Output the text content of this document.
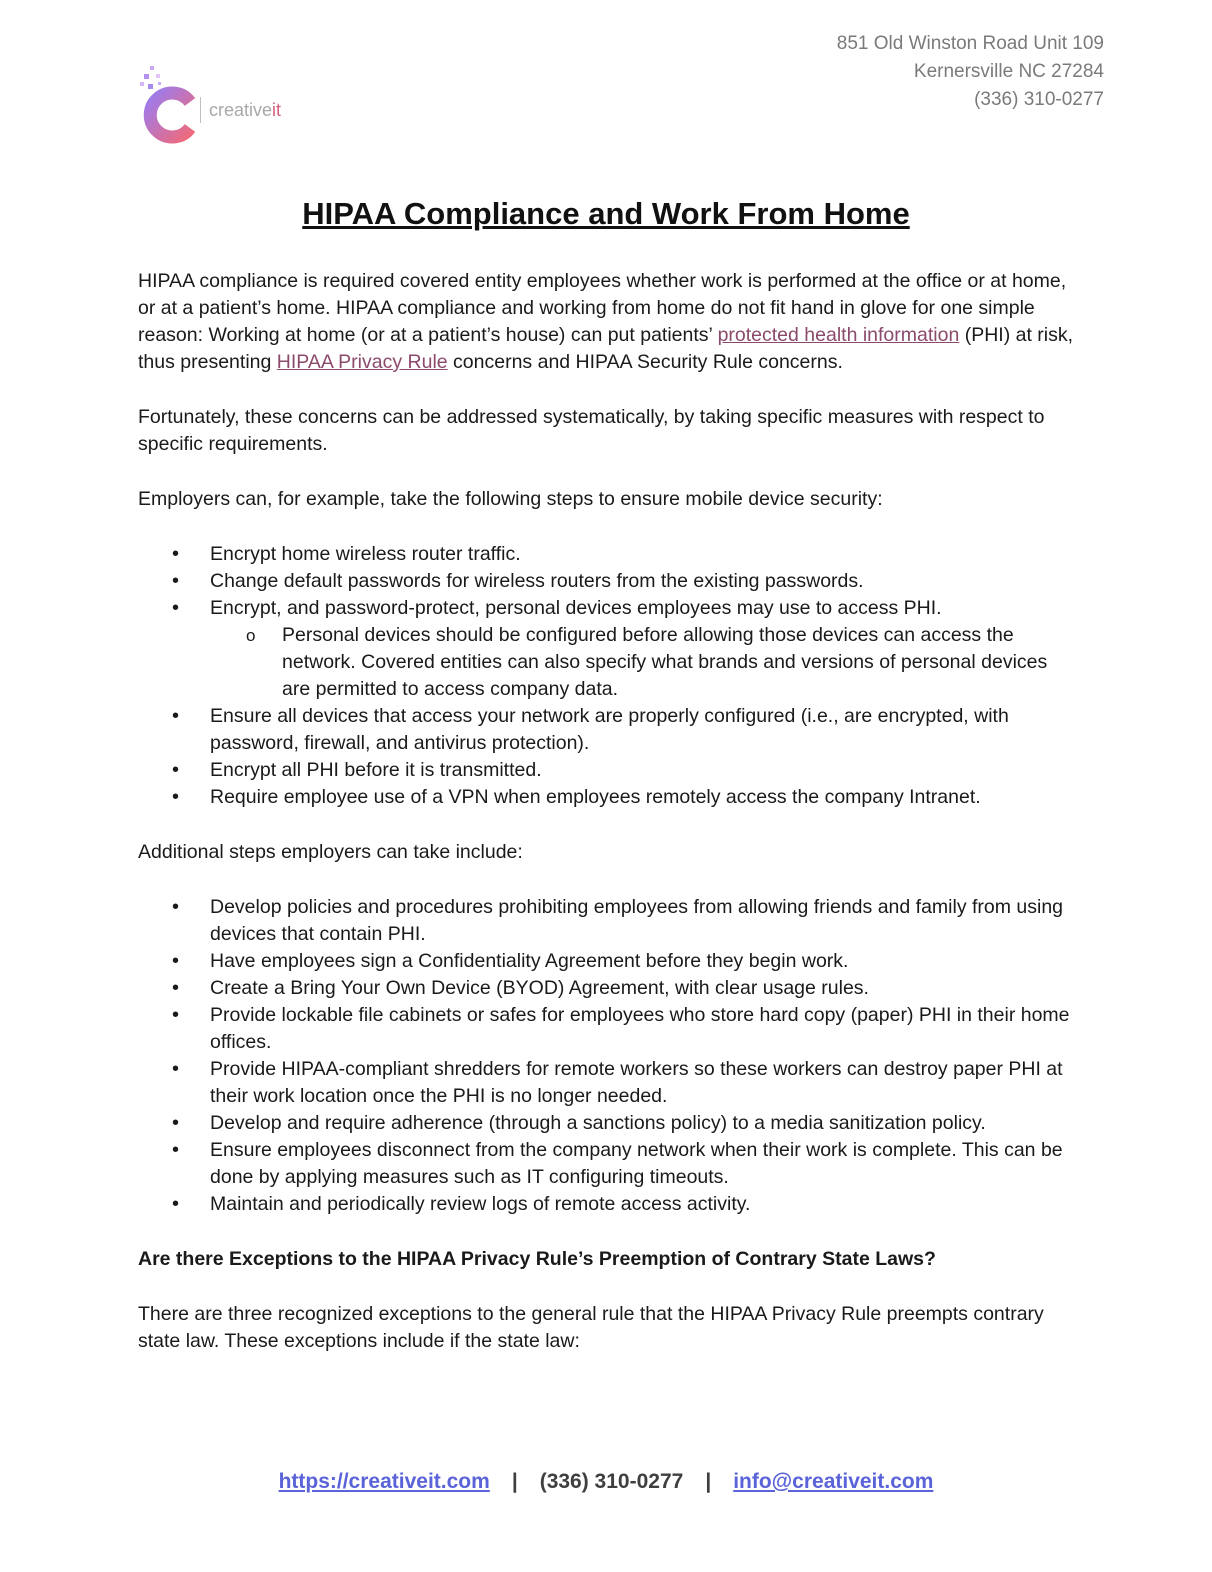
851 Old Winston Road Unit 109
Kernersville NC 27284
(336) 310-0277
creativeit
HIPAA Compliance and Work From Home

HIPAA compliance is required covered entity employees whether work is performed at the office or at home, or at a patient’s home. HIPAA compliance and working from home do not fit hand in glove for one simple reason: Working at home (or at a patient’s house) can put patients’ protected health information (PHI) at risk, thus presenting HIPAA Privacy Rule concerns and HIPAA Security Rule concerns.

Fortunately, these concerns can be addressed systematically, by taking specific measures with respect to specific requirements.

Employers can, for example, take the following steps to ensure mobile device security:

• Encrypt home wireless router traffic.
• Change default passwords for wireless routers from the existing passwords.
• Encrypt, and password-protect, personal devices employees may use to access PHI.
o Personal devices should be configured before allowing those devices can access the network. Covered entities can also specify what brands and versions of personal devices are permitted to access company data.
• Ensure all devices that access your network are properly configured (i.e., are encrypted, with password, firewall, and antivirus protection).
• Encrypt all PHI before it is transmitted.
• Require employee use of a VPN when employees remotely access the company Intranet.

Additional steps employers can take include:

• Develop policies and procedures prohibiting employees from allowing friends and family from using devices that contain PHI.
• Have employees sign a Confidentiality Agreement before they begin work.
• Create a Bring Your Own Device (BYOD) Agreement, with clear usage rules.
• Provide lockable file cabinets or safes for employees who store hard copy (paper) PHI in their home offices.
• Provide HIPAA-compliant shredders for remote workers so these workers can destroy paper PHI at their work location once the PHI is no longer needed.
• Develop and require adherence (through a sanctions policy) to a media sanitization policy.
• Ensure employees disconnect from the company network when their work is complete. This can be done by applying measures such as IT configuring timeouts.
• Maintain and periodically review logs of remote access activity.
Are there Exceptions to the HIPAA Privacy Rule’s Preemption of Contrary State Laws?

There are three recognized exceptions to the general rule that the HIPAA Privacy Rule preempts contrary state law. These exceptions include if the state law:

https://creativeit.com | (336) 310-0277 | info@creativeit.com
